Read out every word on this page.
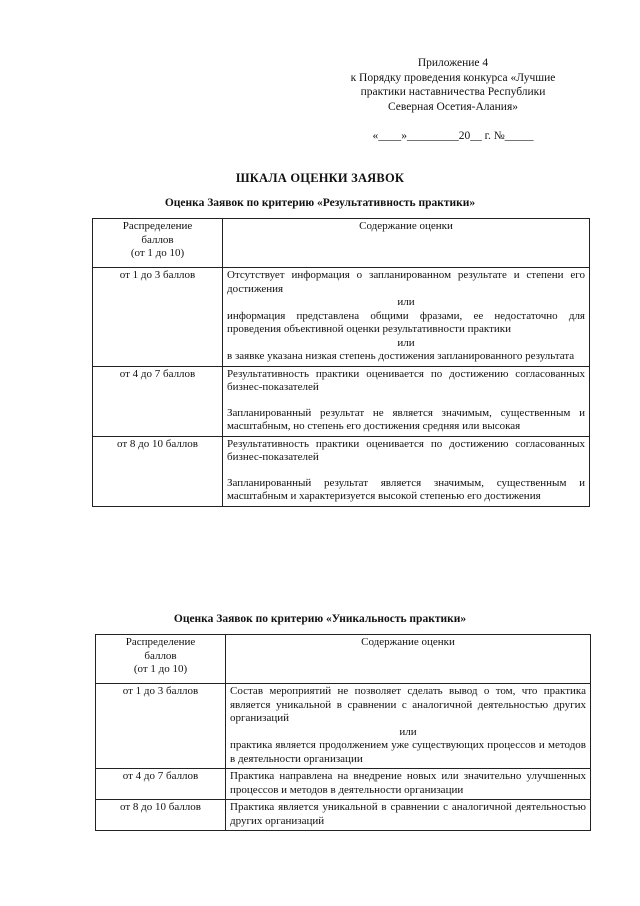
Приложение 4
к Порядку проведения конкурса «Лучшие
практики наставничества Республики
Северная Осетия-Алания»
«____»_________20__ г. №_____
ШКАЛА ОЦЕНКИ ЗАЯВОК
Оценка Заявок по критерию «Результативность практики»
Распределение
баллов
(от 1 до 10)	Содержание оценки
от 1 до 3 баллов	Отсутствует информация о запланированном результате и степени его достижения
или
информация представлена общими фразами, ее недостаточно для проведения объективной оценки результативности практики
или
в заявке указана низкая степень достижения запланированного результата

от 4 до 7 баллов	Результативность практики оценивается по достижению согласованных бизнес-показателей
Запланированный результат не является значимым, существенным и масштабным, но степень его достижения средняя или высокая

от 8 до 10 баллов	Результативность практики оценивается по достижению согласованных бизнес-показателей
Запланированный результат является значимым, существенным и масштабным и характеризуется высокой степенью его достижения
Оценка Заявок по критерию «Уникальность практики»
Распределение
баллов
(от 1 до 10)	Содержание оценки
от 1 до 3 баллов	Состав мероприятий не позволяет сделать вывод о том, что практика является уникальной в сравнении с аналогичной деятельностью других организаций
или
практика является продолжением уже существующих процессов и методов в деятельности организации

от 4 до 7 баллов	Практика направлена на внедрение новых или значительно улучшенных процессов и методов в деятельности организации

от 8 до 10 баллов	Практика является уникальной в сравнении с аналогичной деятельностью других организаций
